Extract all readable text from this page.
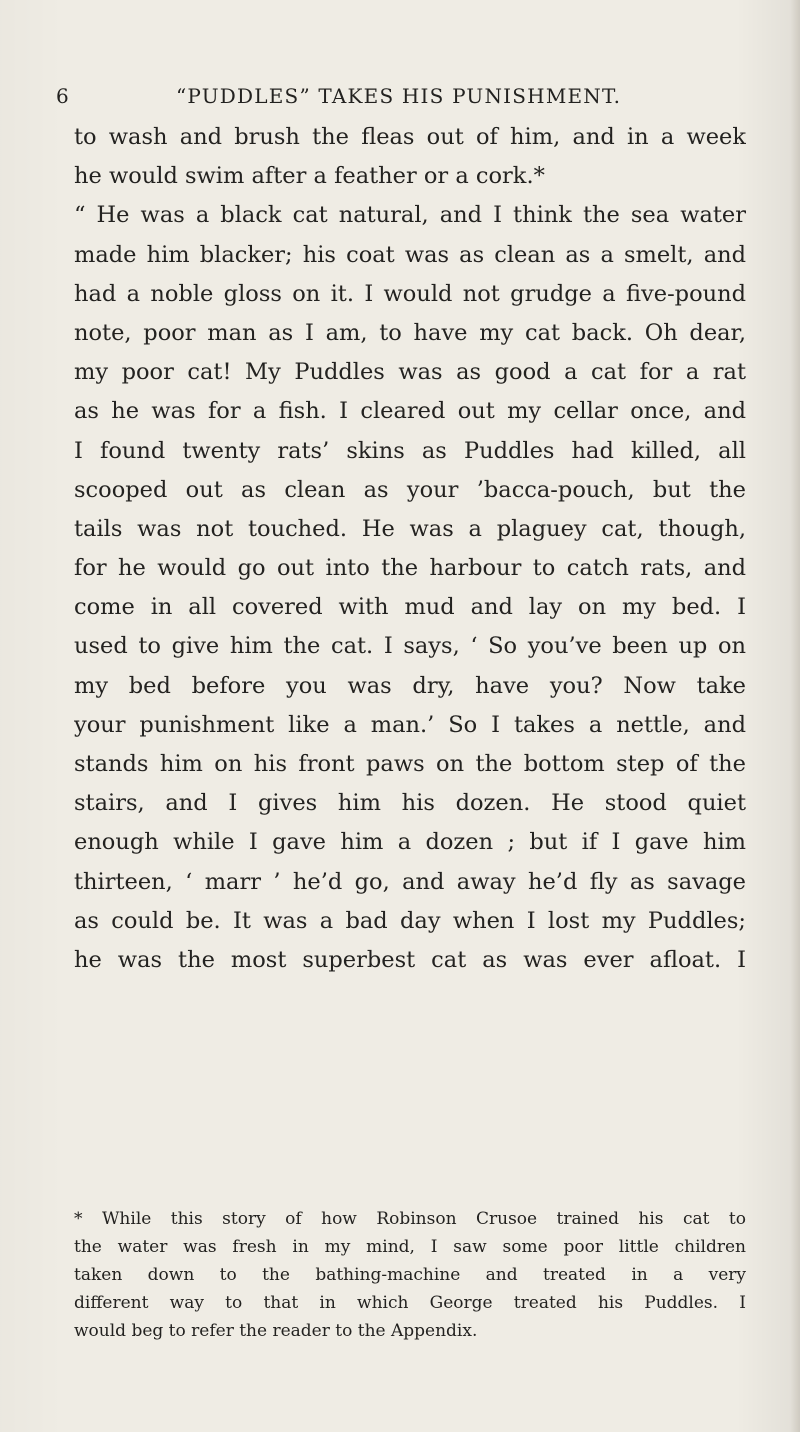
6	“PUDDLES” TAKES HIS PUNISHMENT.
to wash and brush the fleas out of him, and in a week
he would swim after a feather or a cork.*
“ He was a black cat natural, and I think the sea water
made him blacker; his coat was as clean as a smelt, and
had a noble gloss on it. I would not grudge a five-pound
note, poor man as I am, to have my cat back. Oh dear,
my poor cat! My Puddles was as good a cat for a rat
as he was for a fish. I cleared out my cellar once, and
I found twenty rats’ skins as Puddles had killed, all
scooped out as clean as your ’bacca-pouch, but the
tails was not touched. He was a plaguey cat, though,
for he would go out into the harbour to catch rats, and
come in all covered with mud and lay on my bed. I
used to give him the cat. I says, ‘ So you’ve been up on
my bed before you was dry, have you? Now take
your punishment like a man.’ So I takes a nettle, and
stands him on his front paws on the bottom step of the
stairs, and I gives him his dozen. He stood quiet
enough while I gave him a dozen ; but if I gave him
thirteen, ‘ marr ’ he’d go, and away he’d fly as savage
as could be. It was a bad day when I lost my Puddles;
he was the most superbest cat as was ever afloat. I
* While this story of how Robinson Crusoe trained his cat to
the water was fresh in my mind, I saw some poor little children
taken down to the bathing-machine and treated in a very
different way to that in which George treated his Puddles. I
would beg to refer the reader to the Appendix.
